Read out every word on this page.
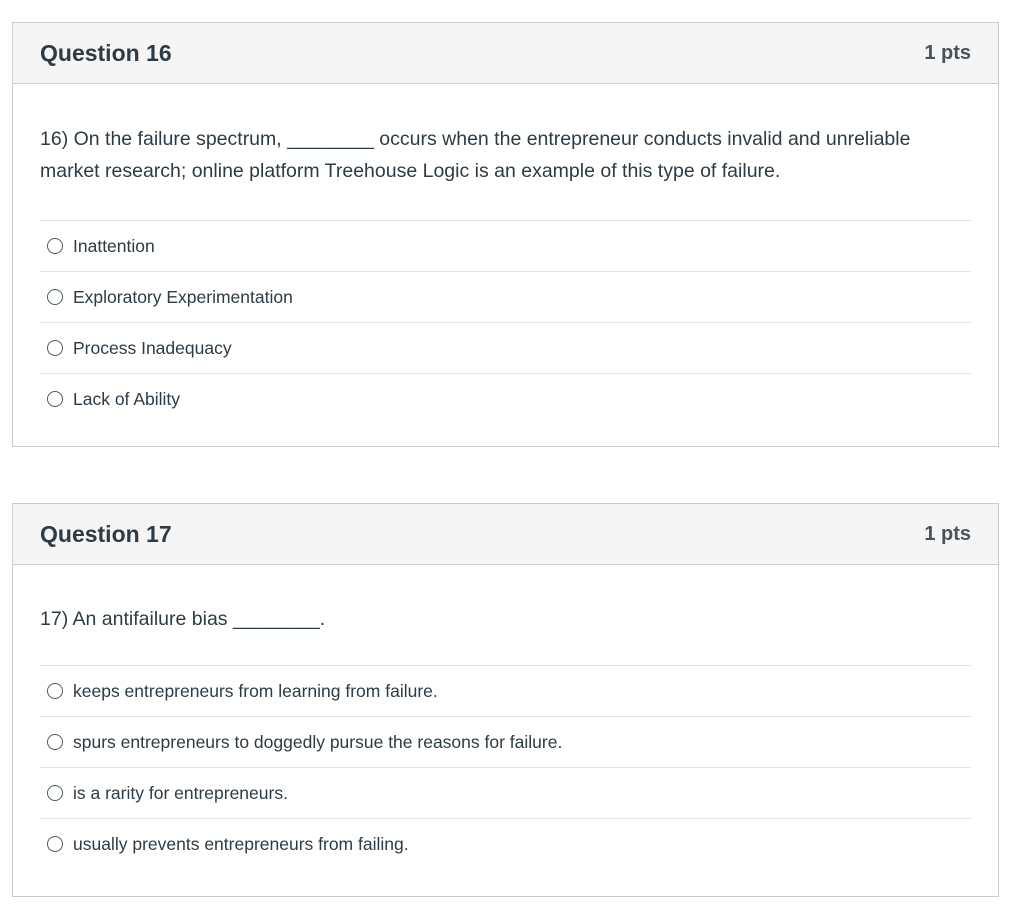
Question 16	1 pts

16) On the failure spectrum, ________ occurs when the entrepreneur conducts invalid and unreliable market research; online platform Treehouse Logic is an example of this type of failure.

Inattention
Exploratory Experimentation
Process Inadequacy
Lack of Ability
Question 17	1 pts

17) An antifailure bias ________.

keeps entrepreneurs from learning from failure.
spurs entrepreneurs to doggedly pursue the reasons for failure.
is a rarity for entrepreneurs.
usually prevents entrepreneurs from failing.
